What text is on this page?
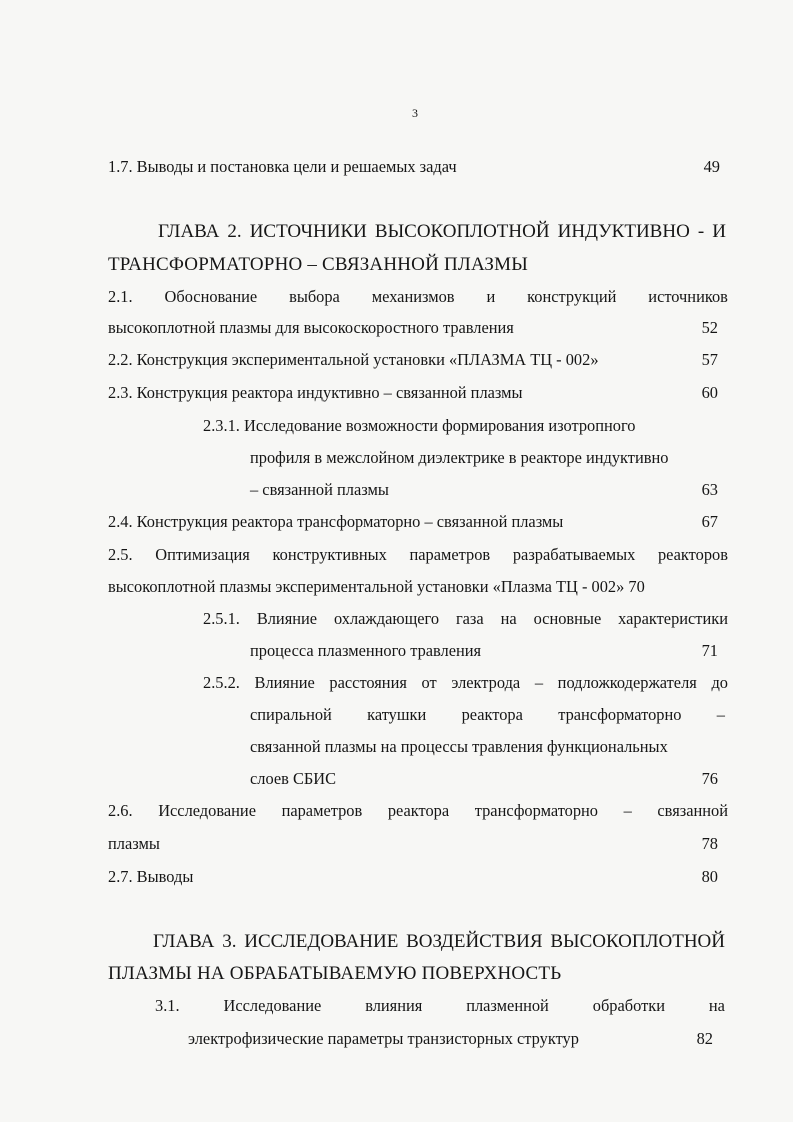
3
1.7. Выводы и постановка цели и решаемых задач	49
ГЛАВА 2. ИСТОЧНИКИ ВЫСОКОПЛОТНОЙ ИНДУКТИВНО - И
ТРАНСФОРМАТОРНО – СВЯЗАННОЙ ПЛАЗМЫ
2.1. Обоснование выбора механизмов и конструкций источников
высокоплотной плазмы для высокоскоростного травления	52
2.2. Конструкция экспериментальной установки «ПЛАЗМА ТЦ - 002»	57
2.3. Конструкция реактора индуктивно – связанной плазмы	60
2.3.1. Исследование возможности формирования изотропного
профиля в межслойном диэлектрике в реакторе индуктивно
– связанной плазмы	63
2.4. Конструкция реактора трансформаторно – связанной плазмы	67
2.5. Оптимизация конструктивных параметров разрабатываемых реакторов
высокоплотной плазмы экспериментальной установки «Плазма ТЦ - 002» 70
2.5.1. Влияние охлаждающего газа на основные характеристики
процесса плазменного травления	71
2.5.2. Влияние расстояния от электрода – подложкодержателя до
спиральной катушки реактора трансформаторно –
связанной плазмы на процессы травления функциональных
слоев СБИС	76
2.6. Исследование параметров реактора трансформаторно – связанной
плазмы	78
2.7. Выводы	80
ГЛАВА 3. ИССЛЕДОВАНИЕ ВОЗДЕЙСТВИЯ ВЫСОКОПЛОТНОЙ
ПЛАЗМЫ НА ОБРАБАТЫВАЕМУЮ ПОВЕРХНОСТЬ
3.1.	Исследование	влияния	плазменной	обработки	на
электрофизические параметры транзисторных структур	82
